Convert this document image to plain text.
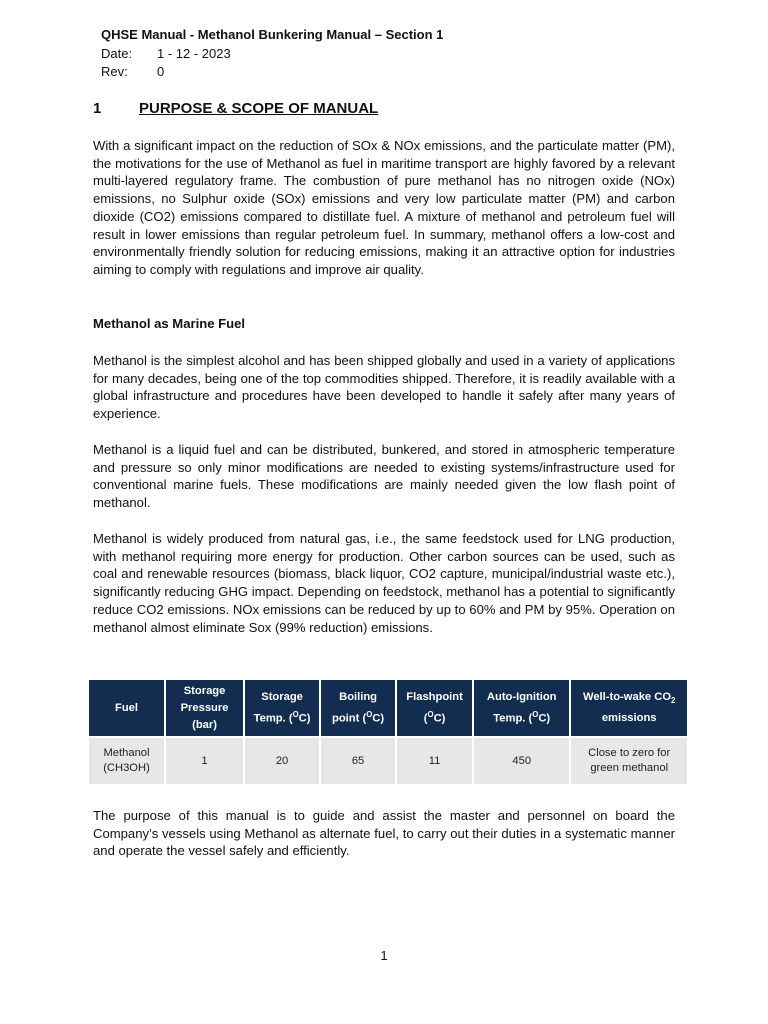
QHSE Manual - Methanol Bunkering Manual – Section 1
Date: 1 - 12 - 2023
Rev: 0
1	PURPOSE & SCOPE OF MANUAL

With a significant impact on the reduction of SOx & NOx emissions, and the particulate matter (PM), the motivations for the use of Methanol as fuel in maritime transport are highly favored by a relevant multi-layered regulatory frame. The combustion of pure methanol has no nitrogen oxide (NOx) emissions, no Sulphur oxide (SOx) emissions and very low particulate matter (PM) and carbon dioxide (CO2) emissions compared to distillate fuel. A mixture of methanol and petroleum fuel will result in lower emissions than regular petroleum fuel. In summary, methanol offers a low-cost and environmentally friendly solution for reducing emissions, making it an attractive option for industries aiming to comply with regulations and improve air quality.

Methanol as Marine Fuel

Methanol is the simplest alcohol and has been shipped globally and used in a variety of applications for many decades, being one of the top commodities shipped. Therefore, it is readily available with a global infrastructure and procedures have been developed to handle it safely after many years of experience.

Methanol is a liquid fuel and can be distributed, bunkered, and stored in atmospheric temperature and pressure so only minor modifications are needed to existing systems/infrastructure used for conventional marine fuels. These modifications are mainly needed given the low flash point of methanol.

Methanol is widely produced from natural gas, i.e., the same feedstock used for LNG production, with methanol requiring more energy for production. Other carbon sources can be used, such as coal and renewable resources (biomass, black liquor, CO2 capture, municipal/industrial waste etc.), significantly reducing GHG impact. Depending on feedstock, methanol has a potential to significantly reduce CO2 emissions. NOx emissions can be reduced by up to 60% and PM by 95%. Operation on methanol almost eliminate Sox (99% reduction) emissions.

Fuel	Storage Pressure (bar)	Storage Temp. ($^O$C)	Boiling point ($^O$C)	Flashpoint ($^O$C)	Auto-Ignition Temp. ($^O$C)	Well-to-wake $CO_2$ emissions
Methanol (CH3OH)	1	20	65	11	450	Close to zero for green methanol

The purpose of this manual is to guide and assist the master and personnel on board the Company’s vessels using Methanol as alternate fuel, to carry out their duties in a systematic manner and operate the vessel safely and efficiently.

1
